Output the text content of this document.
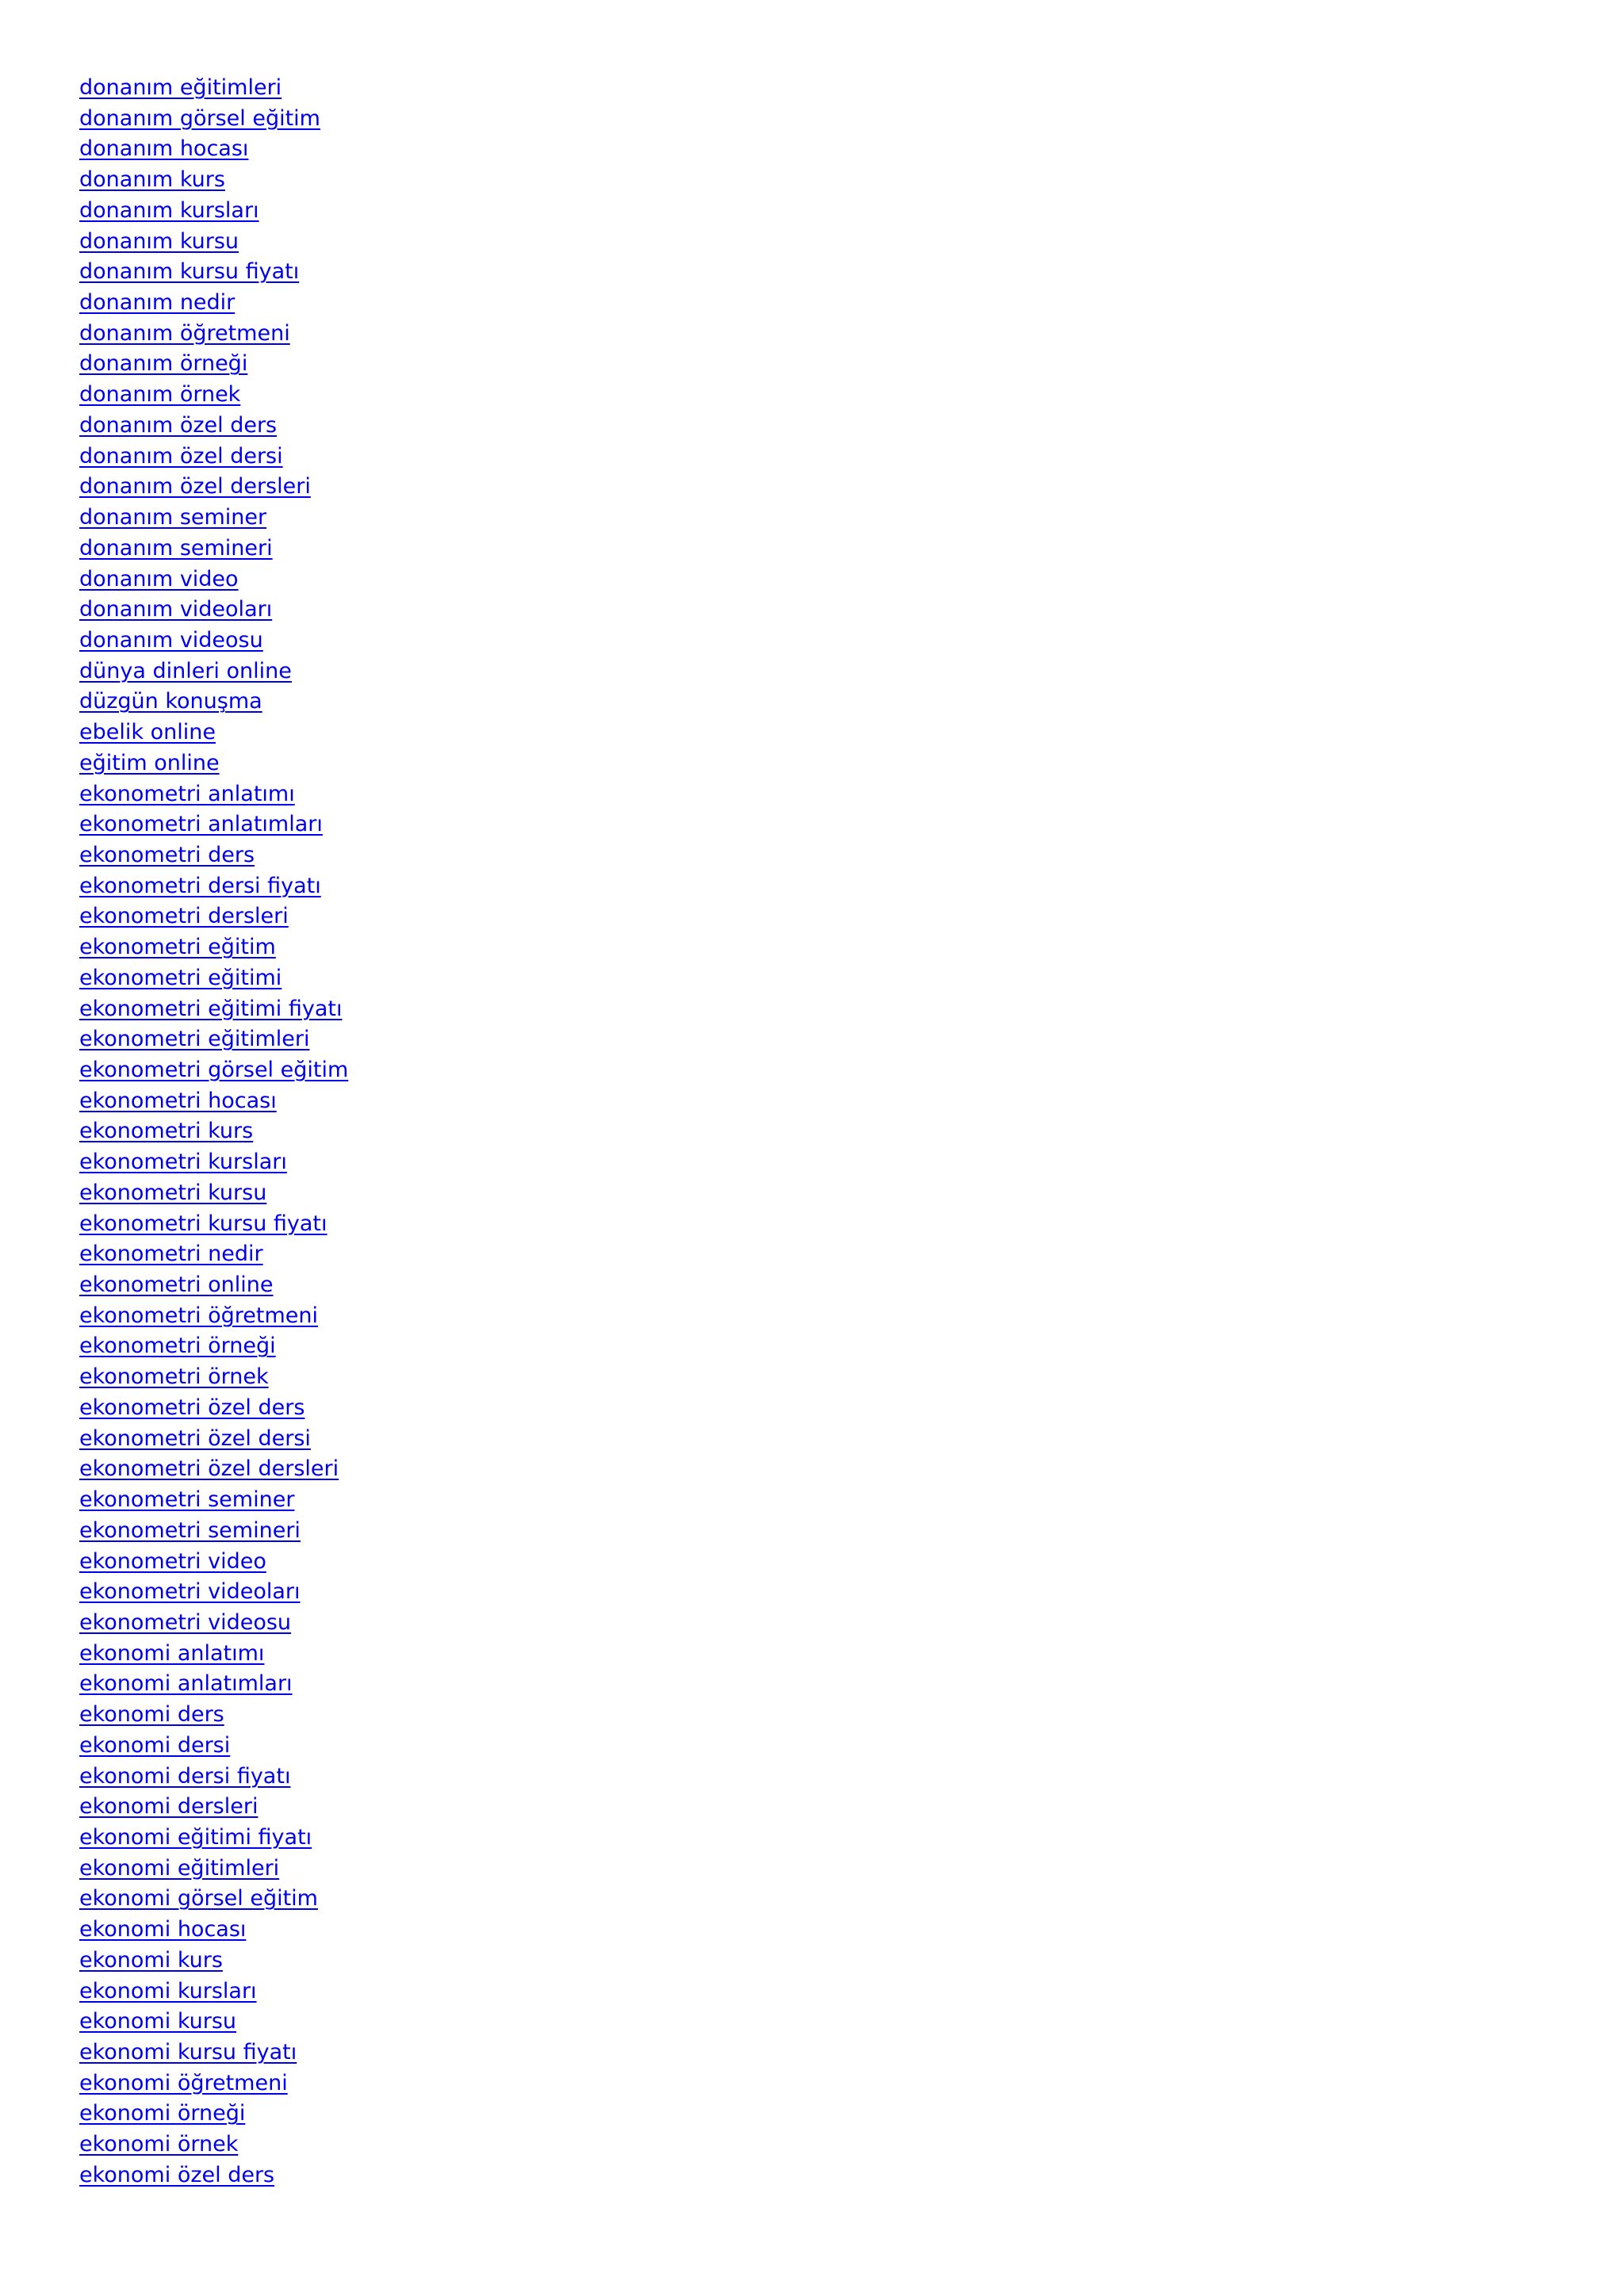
donanım eğitimleri
donanım görsel eğitim
donanım hocası
donanım kurs
donanım kursları
donanım kursu
donanım kursu fiyatı
donanım nedir
donanım öğretmeni
donanım örneği
donanım örnek
donanım özel ders
donanım özel dersi
donanım özel dersleri
donanım seminer
donanım semineri
donanım video
donanım videoları
donanım videosu
dünya dinleri online
düzgün konuşma
ebelik online
eğitim online
ekonometri anlatımı
ekonometri anlatımları
ekonometri ders
ekonometri dersi fiyatı
ekonometri dersleri
ekonometri eğitim
ekonometri eğitimi
ekonometri eğitimi fiyatı
ekonometri eğitimleri
ekonometri görsel eğitim
ekonometri hocası
ekonometri kurs
ekonometri kursları
ekonometri kursu
ekonometri kursu fiyatı
ekonometri nedir
ekonometri online
ekonometri öğretmeni
ekonometri örneği
ekonometri örnek
ekonometri özel ders
ekonometri özel dersi
ekonometri özel dersleri
ekonometri seminer
ekonometri semineri
ekonometri video
ekonometri videoları
ekonometri videosu
ekonomi anlatımı
ekonomi anlatımları
ekonomi ders
ekonomi dersi
ekonomi dersi fiyatı
ekonomi dersleri
ekonomi eğitimi fiyatı
ekonomi eğitimleri
ekonomi görsel eğitim
ekonomi hocası
ekonomi kurs
ekonomi kursları
ekonomi kursu
ekonomi kursu fiyatı
ekonomi öğretmeni
ekonomi örneği
ekonomi örnek
ekonomi özel ders
